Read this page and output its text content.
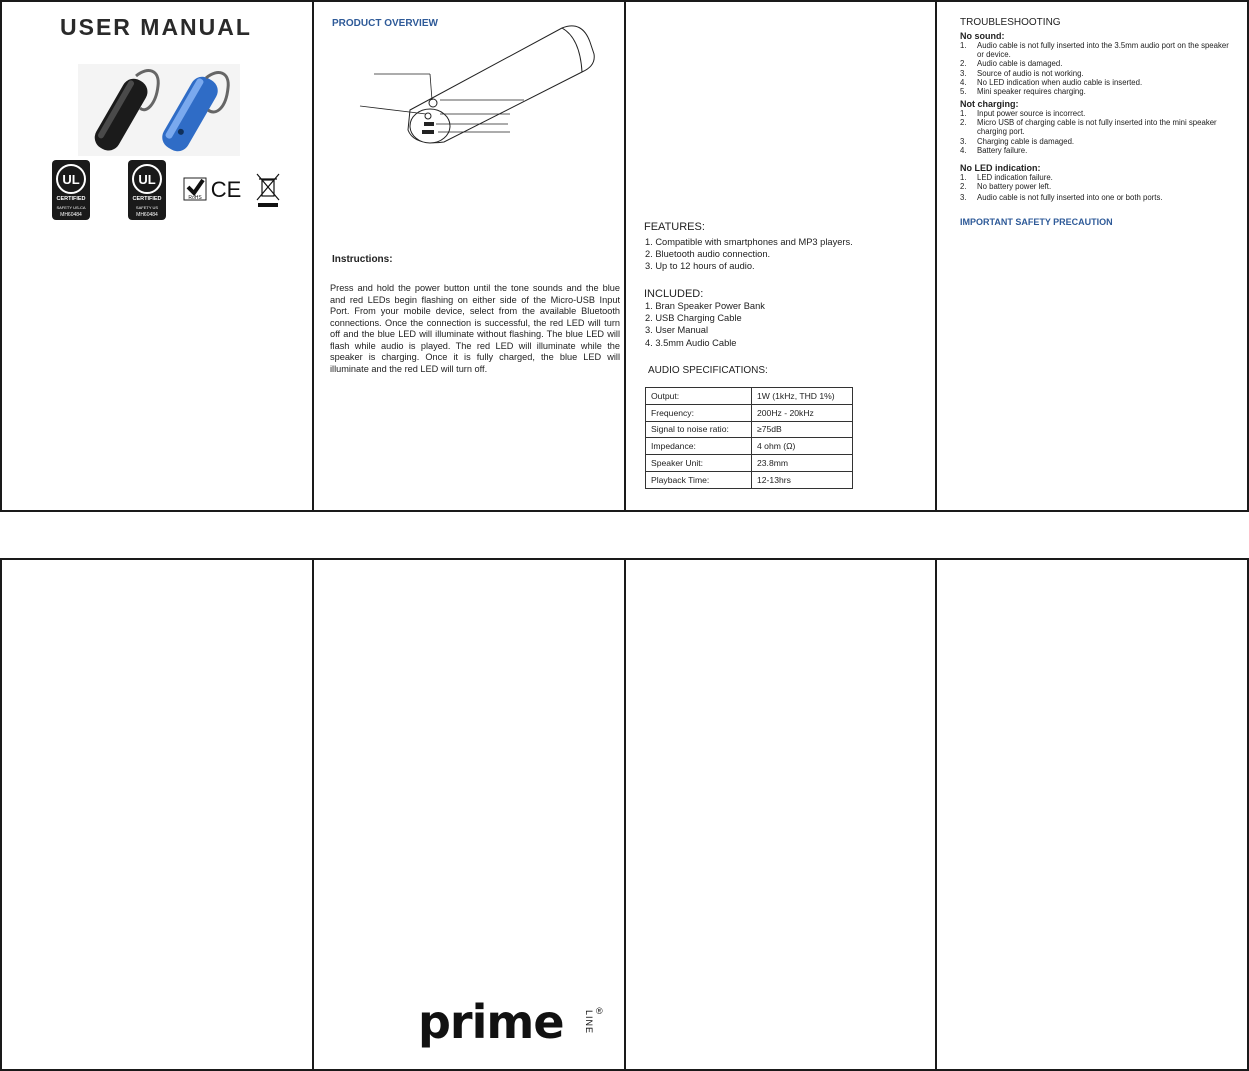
USER MANUAL
UL
CERTIFIED
SAFETY US-CA
MH60484
UL
CERTIFIED
SAFETY US
MH60484
RoHS CE
PRODUCT OVERVIEW
Instructions:

Press and hold the power button until the tone sounds and the blue and red LEDs begin flashing on either side of the Micro-USB Input Port. From your mobile device, select from the available Bluetooth connections. Once the connection is successful, the red LED will turn off and the blue LED will illuminate without flashing. The blue LED will flash while audio is played. The red LED will illuminate while the speaker is charging. Once it is fully charged, the blue LED will illuminate and the red LED will turn off.

FEATURES:
1. Compatible with smartphones and MP3 players.
2. Bluetooth audio connection.
3. Up to 12 hours of audio.
INCLUDED:
1. Bran Speaker Power Bank
2. USB Charging Cable
3. User Manual
4. 3.5mm Audio Cable
AUDIO SPECIFICATIONS:
Output:	1W (1kHz, THD 1%)
Frequency:	200Hz - 20kHz
Signal to noise ratio:	≥75dB
Impedance:	4 ohm (Ω)
Speaker Unit:	23.8mm
Playback Time:	12-13hrs
TROUBLESHOOTING
No sound:
1.	Audio cable is not fully inserted into the 3.5mm audio port on the speaker or device.
2.	Audio cable is damaged.
3.	Source of audio is not working.
4.	No LED indication when audio cable is inserted.
5.	Mini speaker requires charging.
Not charging:
1.	Input power source is incorrect.
2.	Micro USB of charging cable is not fully inserted into the mini speaker charging port.
3.	Charging cable is damaged.
4.	Battery failure.
No LED indication:
1.	LED indication failure.
2.	No battery power left.
3.	Audio cable is not fully inserted into one or both ports.
IMPORTANT SAFETY PRECAUTION
prime LINE ®
